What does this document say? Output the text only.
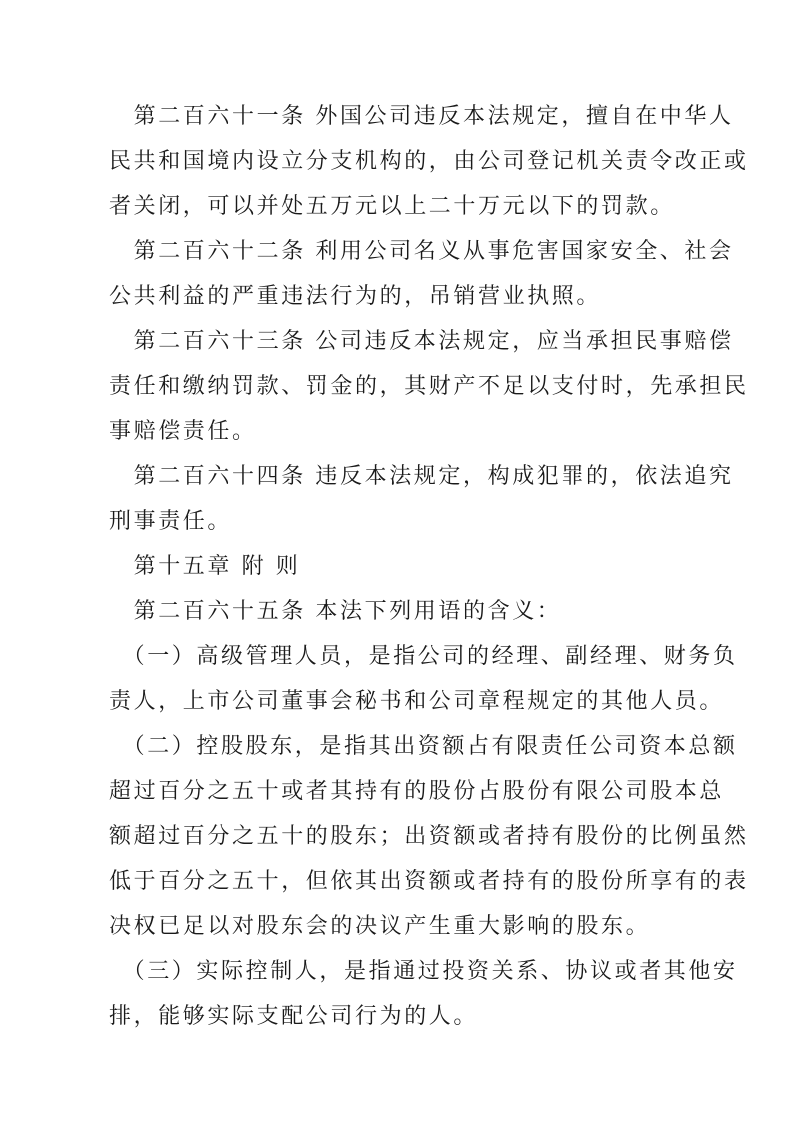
　第二百六十一条 外国公司违反本法规定，擅自在中华人
民共和国境内设立分支机构的，由公司登记机关责令改正或
者关闭，可以并处五万元以上二十万元以下的罚款。
　第二百六十二条 利用公司名义从事危害国家安全、社会
公共利益的严重违法行为的，吊销营业执照。
　第二百六十三条 公司违反本法规定，应当承担民事赔偿
责任和缴纳罚款、罚金的，其财产不足以支付时，先承担民
事赔偿责任。
　第二百六十四条 违反本法规定，构成犯罪的，依法追究
刑事责任。
　第十五章 附 则
　第二百六十五条 本法下列用语的含义：
　（一）高级管理人员，是指公司的经理、副经理、财务负
责人，上市公司董事会秘书和公司章程规定的其他人员。
　（二）控股股东，是指其出资额占有限责任公司资本总额
超过百分之五十或者其持有的股份占股份有限公司股本总
额超过百分之五十的股东；出资额或者持有股份的比例虽然
低于百分之五十，但依其出资额或者持有的股份所享有的表
决权已足以对股东会的决议产生重大影响的股东。
　（三）实际控制人，是指通过投资关系、协议或者其他安
排，能够实际支配公司行为的人。
